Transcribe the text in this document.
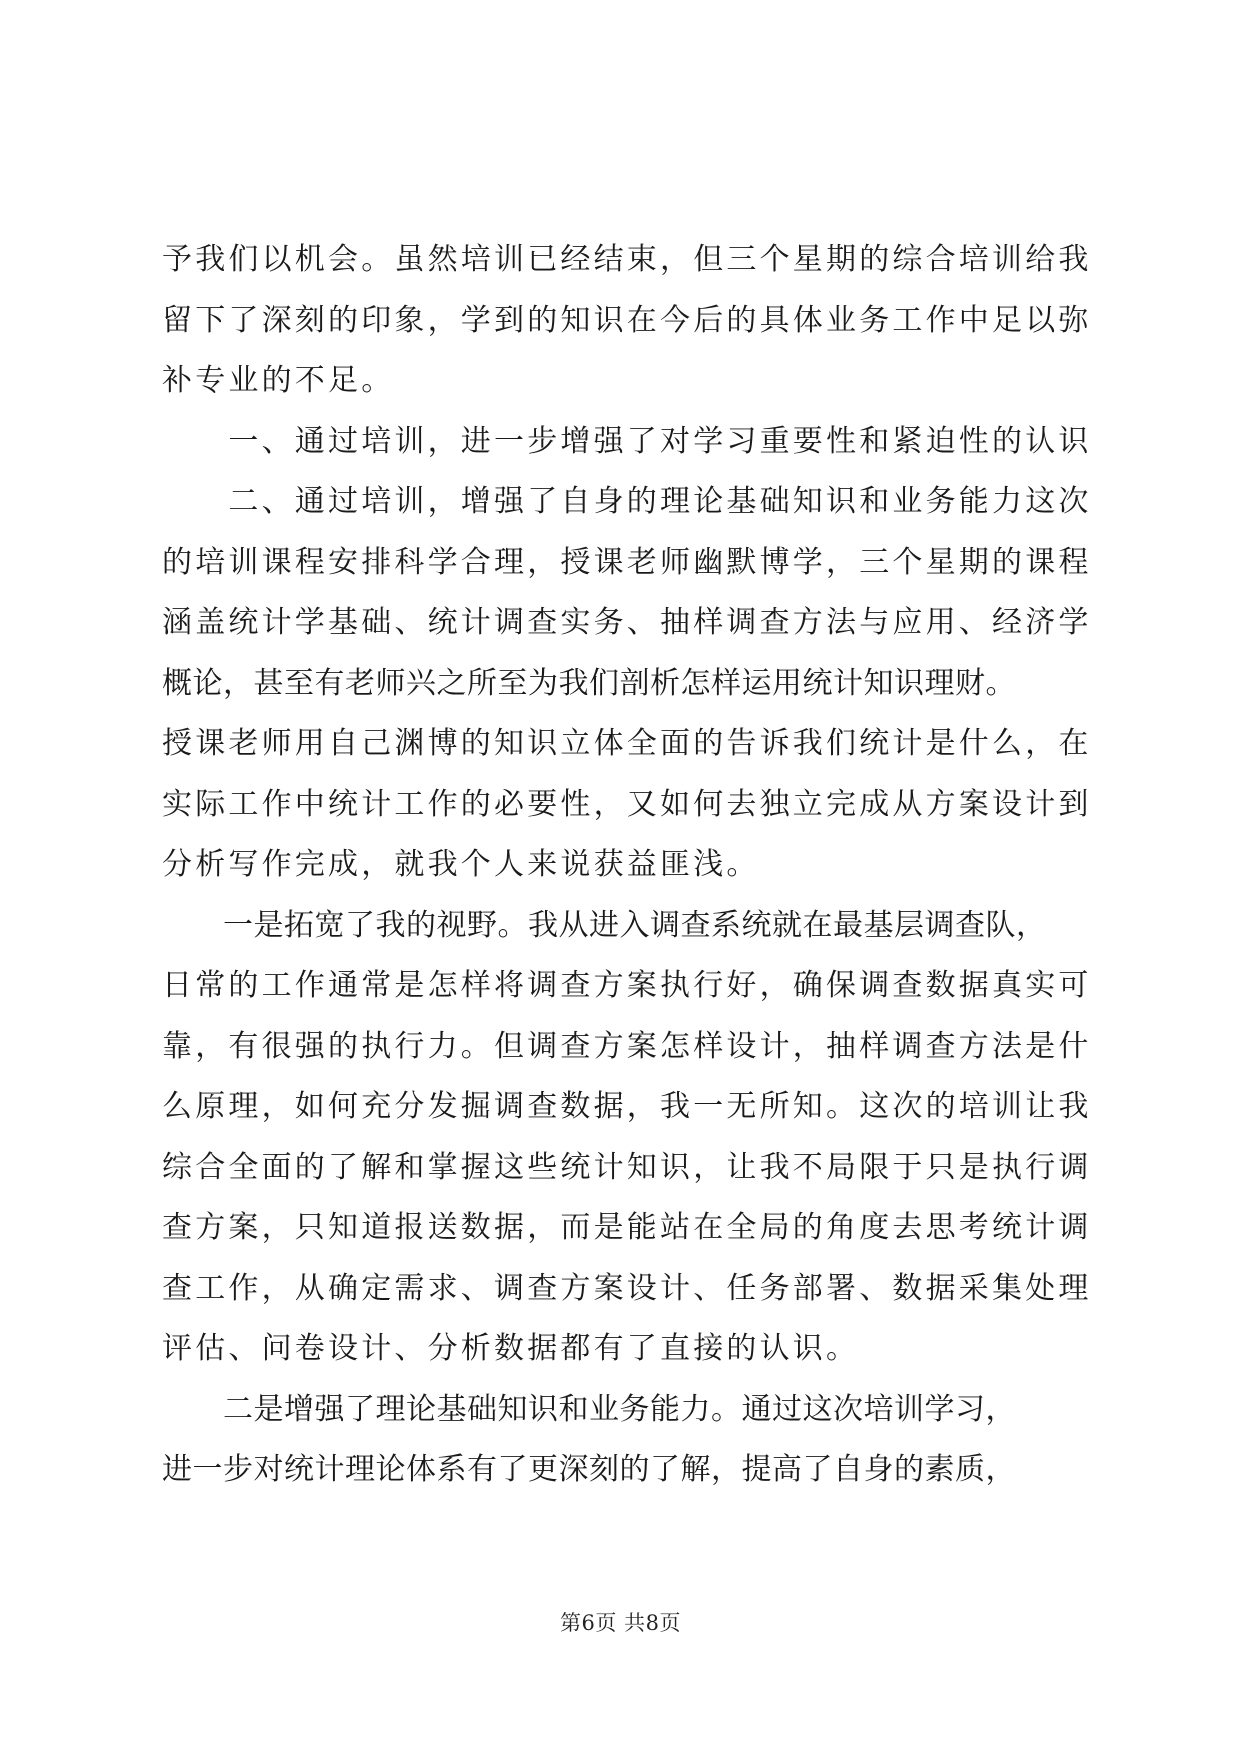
予我们以机会。虽然培训已经结束，但三个星期的综合培训给我
留下了深刻的印象，学到的知识在今后的具体业务工作中足以弥
补专业的不足。
　　一、通过培训，进一步增强了对学习重要性和紧迫性的认识
　　二、通过培训，增强了自身的理论基础知识和业务能力这次
的培训课程安排科学合理，授课老师幽默博学，三个星期的课程
涵盖统计学基础、统计调查实务、抽样调查方法与应用、经济学
概论，甚至有老师兴之所至为我们剖析怎样运用统计知识理财。
授课老师用自己渊博的知识立体全面的告诉我们统计是什么，在
实际工作中统计工作的必要性，又如何去独立完成从方案设计到
分析写作完成，就我个人来说获益匪浅。
　　一是拓宽了我的视野。我从进入调查系统就在最基层调查队，
日常的工作通常是怎样将调查方案执行好，确保调查数据真实可
靠，有很强的执行力。但调查方案怎样设计，抽样调查方法是什
么原理，如何充分发掘调查数据，我一无所知。这次的培训让我
综合全面的了解和掌握这些统计知识，让我不局限于只是执行调
查方案，只知道报送数据，而是能站在全局的角度去思考统计调
查工作，从确定需求、调查方案设计、任务部署、数据采集处理
评估、问卷设计、分析数据都有了直接的认识。
　　二是增强了理论基础知识和业务能力。通过这次培训学习，
进一步对统计理论体系有了更深刻的了解，提高了自身的素质，
第6页 共8页
